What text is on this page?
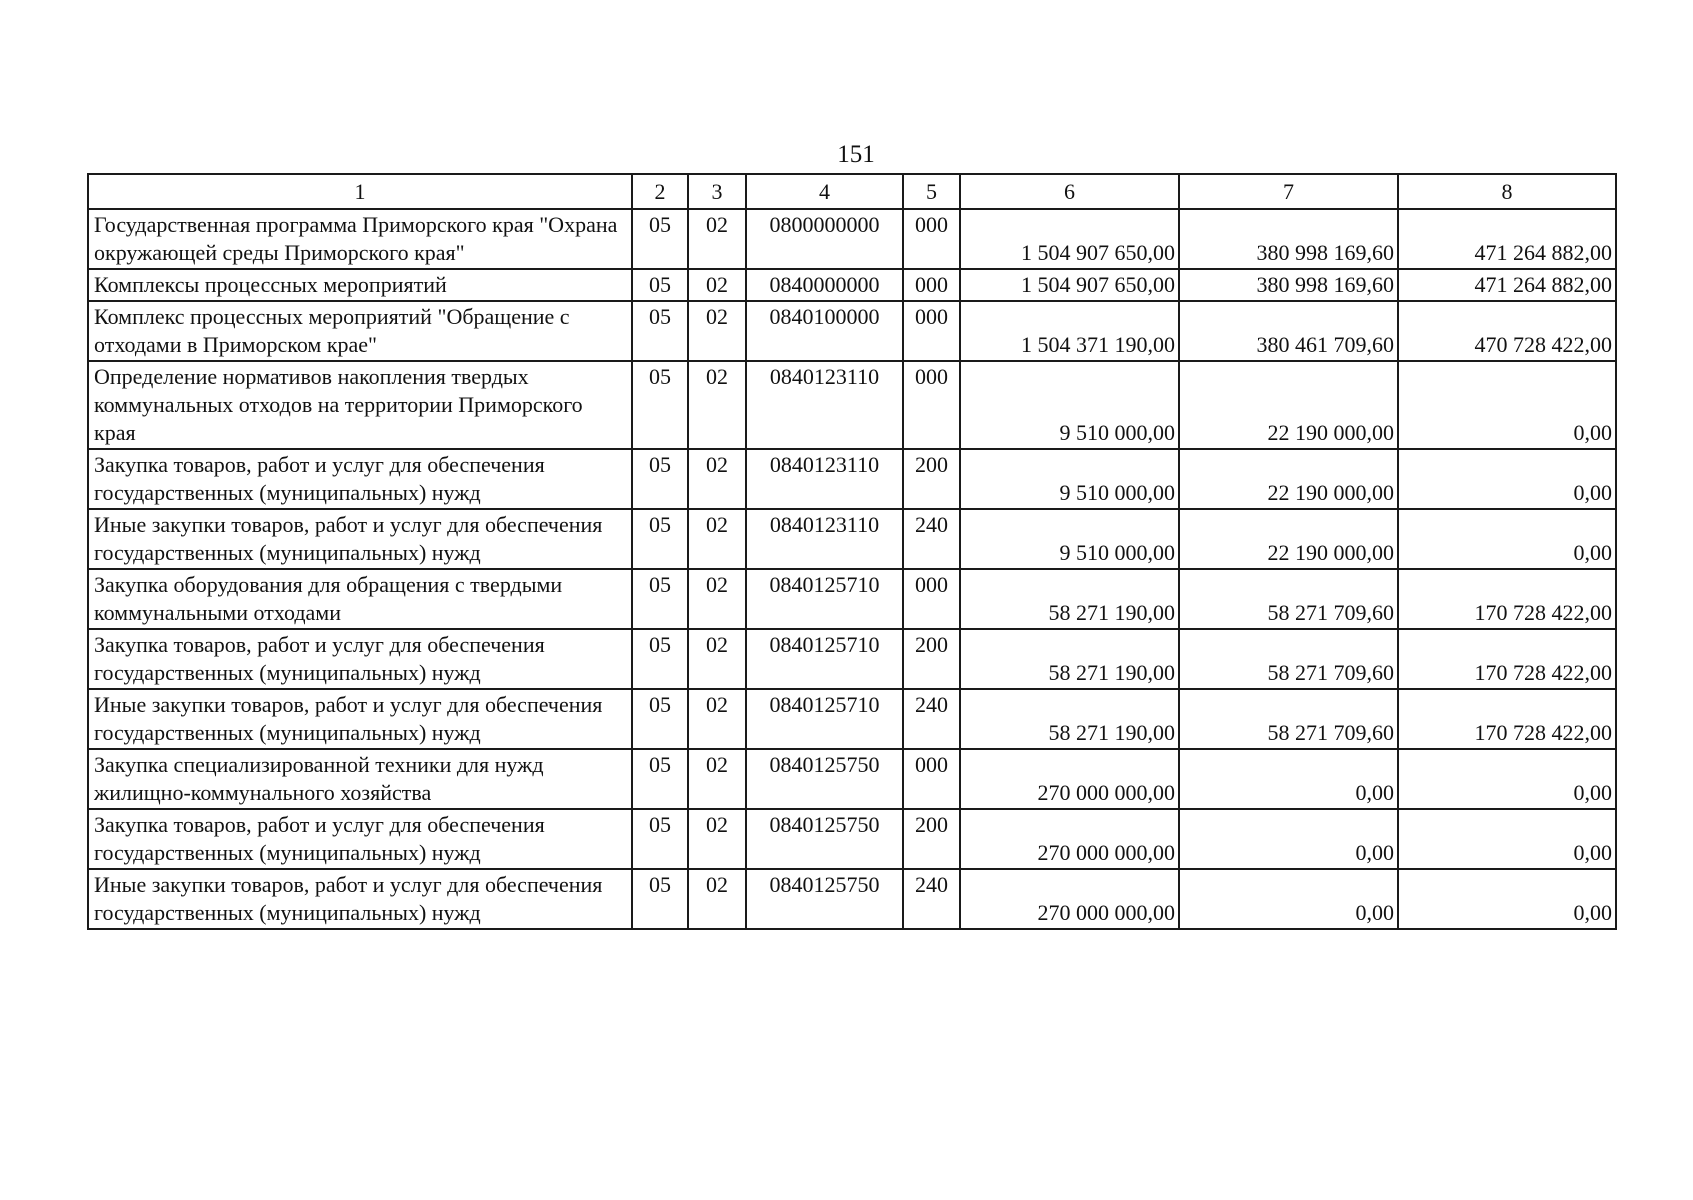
151
1	2	3	4	5	6	7	8
Государственная программа Приморского края "Охрана окружающей среды Приморского края"	05	02	0800000000	000	1 504 907 650,00	380 998 169,60	471 264 882,00
Комплексы процессных мероприятий	05	02	0840000000	000	1 504 907 650,00	380 998 169,60	471 264 882,00
Комплекс процессных мероприятий "Обращение с отходами в Приморском крае"	05	02	0840100000	000	1 504 371 190,00	380 461 709,60	470 728 422,00
Определение нормативов накопления твердых коммунальных отходов на территории Приморского края	05	02	0840123110	000	9 510 000,00	22 190 000,00	0,00
Закупка товаров, работ и услуг для обеспечения государственных (муниципальных) нужд	05	02	0840123110	200	9 510 000,00	22 190 000,00	0,00
Иные закупки товаров, работ и услуг для обеспечения государственных (муниципальных) нужд	05	02	0840123110	240	9 510 000,00	22 190 000,00	0,00
Закупка оборудования для обращения с твердыми коммунальными отходами	05	02	0840125710	000	58 271 190,00	58 271 709,60	170 728 422,00
Закупка товаров, работ и услуг для обеспечения государственных (муниципальных) нужд	05	02	0840125710	200	58 271 190,00	58 271 709,60	170 728 422,00
Иные закупки товаров, работ и услуг для обеспечения государственных (муниципальных) нужд	05	02	0840125710	240	58 271 190,00	58 271 709,60	170 728 422,00
Закупка специализированной техники для нужд жилищно-коммунального хозяйства	05	02	0840125750	000	270 000 000,00	0,00	0,00
Закупка товаров, работ и услуг для обеспечения государственных (муниципальных) нужд	05	02	0840125750	200	270 000 000,00	0,00	0,00
Иные закупки товаров, работ и услуг для обеспечения государственных (муниципальных) нужд	05	02	0840125750	240	270 000 000,00	0,00	0,00
